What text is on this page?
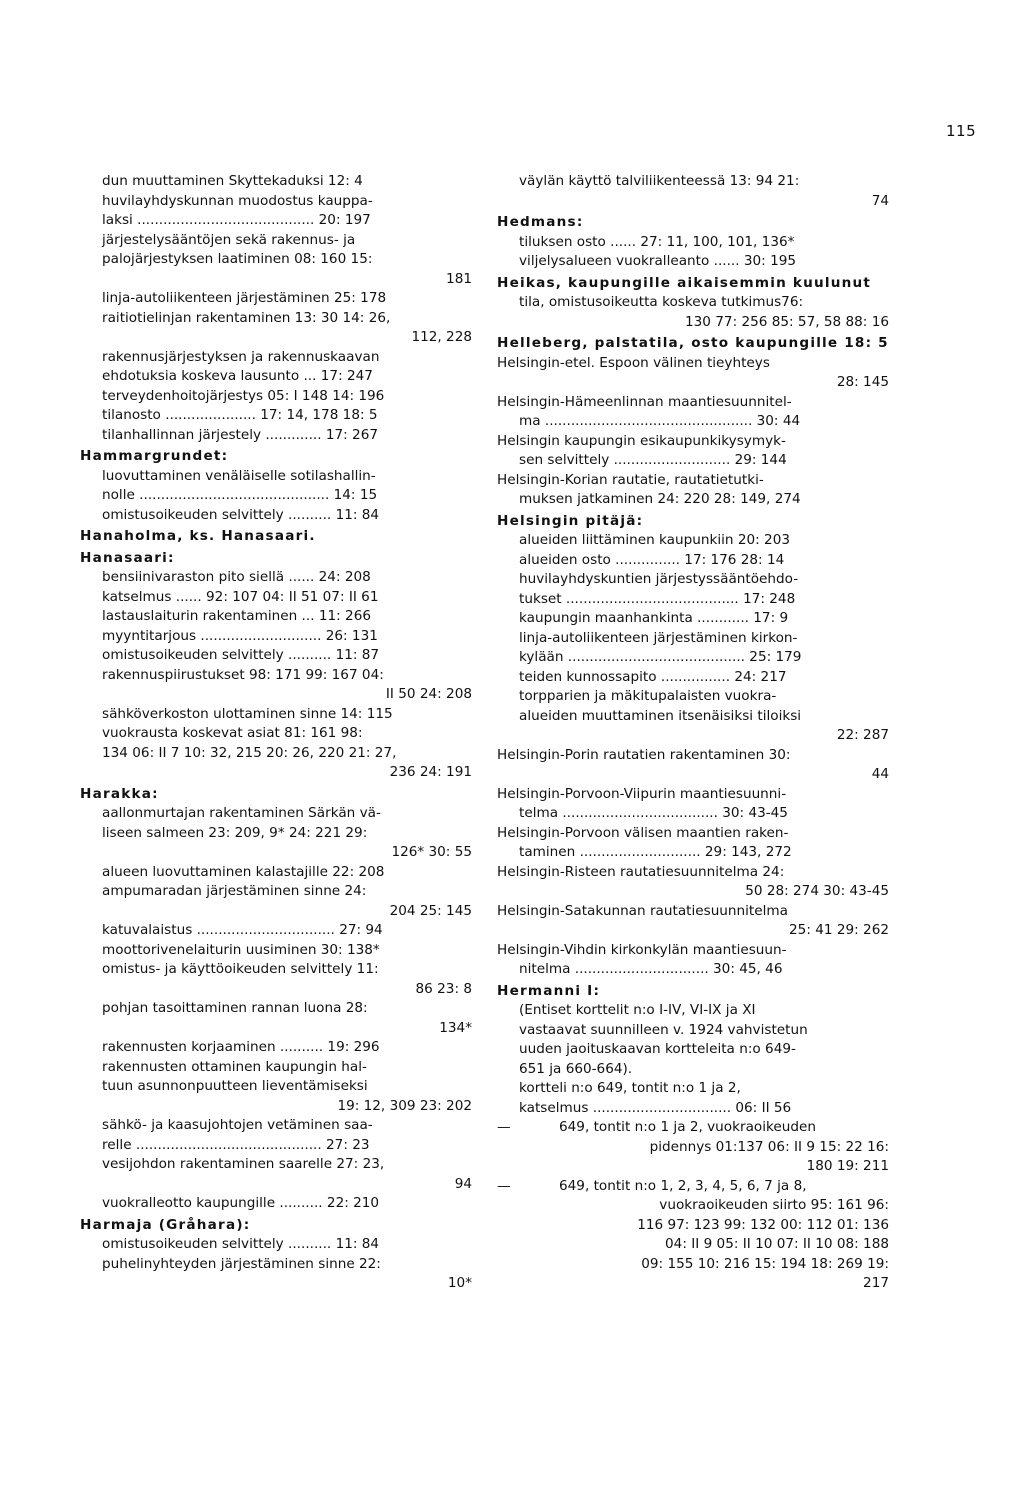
115
dun muuttaminen Skyttekaduksi 12: 4
huvilayhdyskunnan muodostus kauppa-
laksi ......................................... 20: 197
järjestelysääntöjen sekä rakennus- ja
palojärjestyksen laatiminen 08: 160 15:
181
linja-autoliikenteen järjestäminen 25: 178
raitiotielinjan rakentaminen 13: 30 14: 26,
112, 228
rakennusjärjestyksen ja rakennuskaavan
ehdotuksia koskeva lausunto ... 17: 247
terveydenhoitojärjestys 05: I 148 14: 196
tilanosto ..................... 17: 14, 178 18: 5
tilanhallinnan järjestely ............. 17: 267
Hammargrundet:
luovuttaminen venäläiselle sotilashallin-
nolle ............................................ 14: 15
omistusoikeuden selvittely .......... 11: 84
Hanaholma, ks. Hanasaari.
Hanasaari:
bensiinivaraston pito siellä ...... 24: 208
katselmus ...... 92: 107 04: II 51 07: II 61
lastauslaiturin rakentaminen ... 11: 266
myyntitarjous ............................ 26: 131
omistusoikeuden selvittely .......... 11: 87
rakennuspiirustukset 98: 171 99: 167 04:
II 50 24: 208
sähköverkoston ulottaminen sinne 14: 115
vuokrausta koskevat asiat 81: 161 98:
134 06: II 7 10: 32, 215 20: 26, 220 21: 27,
236 24: 191
Harakka:
aallonmurtajan rakentaminen Särkän vä-
liseen salmeen 23: 209, 9* 24: 221 29:
126* 30: 55
alueen luovuttaminen kalastajille 22: 208
ampumaradan järjestäminen sinne 24:
204 25: 145
katuvalaistus ................................ 27: 94
moottorivenelaiturin uusiminen 30: 138*
omistus- ja käyttöoikeuden selvittely 11:
86 23: 8
pohjan tasoittaminen rannan luona 28:
134*
rakennusten korjaaminen .......... 19: 296
rakennusten ottaminen kaupungin hal-
tuun asunnonpuutteen lieventämiseksi
19: 12, 309 23: 202
sähkö- ja kaasujohtojen vetäminen saa-
relle ........................................... 27: 23
vesijohdon rakentaminen saarelle 27: 23,
94
vuokralleotto kaupungille .......... 22: 210
Harmaja (Gråhara):
omistusoikeuden selvittely .......... 11: 84
puhelinyhteyden järjestäminen sinne 22:
10*
väylän käyttö talviliikenteessä 13: 94 21:
74
Hedmans:
tiluksen osto ...... 27: 11, 100, 101, 136*
viljelysalueen vuokralleanto ...... 30: 195
Heikas, kaupungille aikaisemmin kuulunut
tila, omistusoikeutta koskeva tutkimus76:
130 77: 256 85: 57, 58 88: 16
Helleberg, palstatila, osto kaupungille 18: 5
Helsingin-etel. Espoon välinen tieyhteys
28: 145
Helsingin-Hämeenlinnan maantiesuunnitel-
ma ................................................ 30: 44
Helsingin kaupungin esikaupunkikysymyk-
sen selvittely ........................... 29: 144
Helsingin-Korian rautatie, rautatietutki-
muksen jatkaminen 24: 220 28: 149, 274
Helsingin pitäjä:
alueiden liittäminen kaupunkiin 20: 203
alueiden osto ............... 17: 176 28: 14
huvilayhdyskuntien järjestyssääntöehdo-
tukset ........................................ 17: 248
kaupungin maanhankinta ............ 17: 9
linja-autoliikenteen järjestäminen kirkon-
kylään ......................................... 25: 179
teiden kunnossapito ................ 24: 217
torpparien ja mäkitupalaisten vuokra-
alueiden muuttaminen itsenäisiksi tiloiksi
22: 287
Helsingin-Porin rautatien rakentaminen 30:
44
Helsingin-Porvoon-Viipurin maantiesuunni-
telma .................................... 30: 43-45
Helsingin-Porvoon välisen maantien raken-
taminen ............................ 29: 143, 272
Helsingin-Risteen rautatiesuunnitelma 24:
50 28: 274 30: 43-45
Helsingin-Satakunnan rautatiesuunnitelma
25: 41 29: 262
Helsingin-Vihdin kirkonkylän maantiesuun-
nitelma ............................... 30: 45, 46
Hermanni I:
(Entiset korttelit n:o I-IV, VI-IX ja XI
vastaavat suunnilleen v. 1924 vahvistetun
uuden jaoituskaavan kortteleita n:o 649-
651 ja 660-664).
kortteli n:o 649, tontit n:o 1 ja 2,
katselmus ................................ 06: II 56
—	649, tontit n:o 1 ja 2, vuokraoikeuden
pidennys 01:137 06: II 9 15: 22 16:
180 19: 211
—	649, tontit n:o 1, 2, 3, 4, 5, 6, 7 ja 8,
vuokraoikeuden siirto 95: 161 96:
116 97: 123 99: 132 00: 112 01: 136
04: II 9 05: II 10 07: II 10 08: 188
09: 155 10: 216 15: 194 18: 269 19:
217
